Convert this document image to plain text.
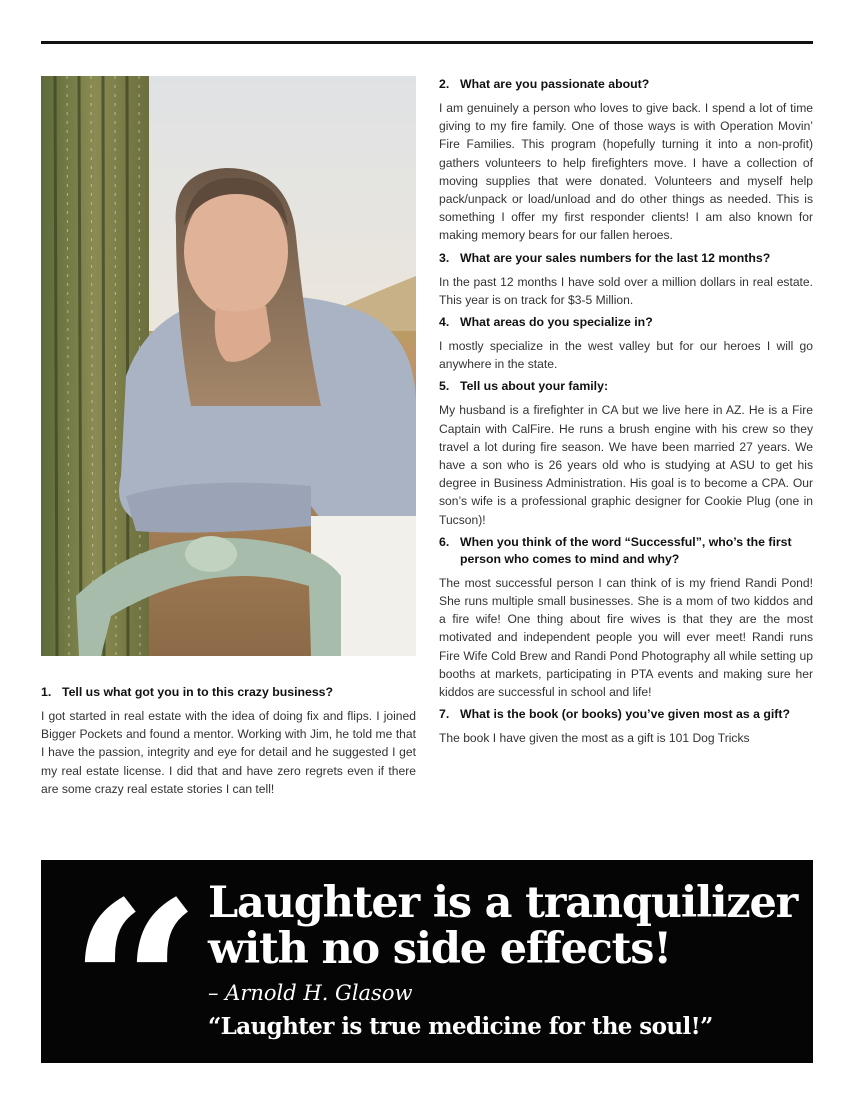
1. Tell us what got you in to this crazy business?
I got started in real estate with the idea of doing fix and flips. I joined Bigger Pockets and found a mentor. Working with Jim, he told me that I have the passion, integrity and eye for detail and he suggested I get my real estate license. I did that and have zero regrets even if there are some crazy real estate stories I can tell!
2. What are you passionate about?
I am genuinely a person who loves to give back. I spend a lot of time giving to my fire family. One of those ways is with Operation Movin’ Fire Families. This program (hopefully turning it into a non-profit) gathers volunteers to help firefighters move. I have a collection of moving supplies that were donated. Volunteers and myself help pack/unpack or load/unload and do other things as needed. This is something I offer my first responder clients! I am also known for making memory bears for our fallen heroes.
3. What are your sales numbers for the last 12 months?
In the past 12 months I have sold over a million dollars in real estate. This year is on track for $3-5 Million.
4. What areas do you specialize in?
I mostly specialize in the west valley but for our heroes I will go anywhere in the state.
5. Tell us about your family:
My husband is a firefighter in CA but we live here in AZ. He is a Fire Captain with CalFire. He runs a brush engine with his crew so they travel a lot during fire season. We have been married 27 years. We have a son who is 26 years old who is studying at ASU to get his degree in Business Administration. His goal is to become a CPA. Our son’s wife is a professional graphic designer for Cookie Plug (one in Tucson)!
6. When you think of the word “Successful”, who’s the first person who comes to mind and why?
The most successful person I can think of is my friend Randi Pond! She runs multiple small businesses. She is a mom of two kiddos and a fire wife! One thing about fire wives is that they are the most motivated and independent people you will ever meet! Randi runs Fire Wife Cold Brew and Randi Pond Photography all while setting up booths at markets, participating in PTA events and making sure her kiddos are successful in school and life!
7. What is the book (or books) you’ve given most as a gift?
The book I have given the most as a gift is 101 Dog Tricks
“ Laughter is a tranquilizer with no side effects!
– Arnold H. Glasow
“Laughter is true medicine for the soul!”
